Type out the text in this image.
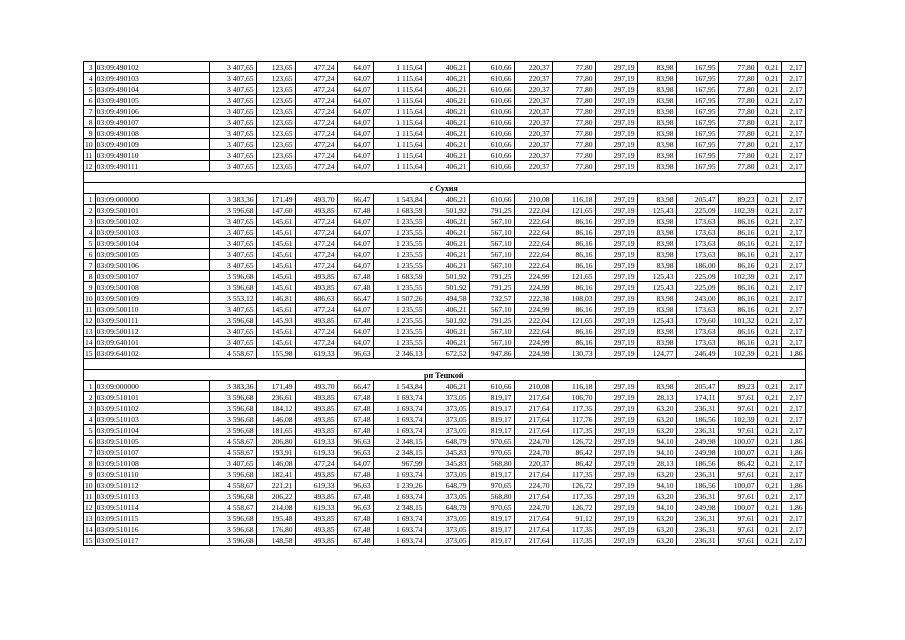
3	03:09:490102	3 407,65	123,65	477,24	64,07	1 115,64	406,21	610,66	220,37	77,80	297,19	83,98	167,95	77,80	0,21	2,17
4	03:09:490103	3 407,65	123,65	477,24	64,07	1 115,64	406,21	610,66	220,37	77,80	297,19	83,98	167,95	77,80	0,21	2,17
5	03:09:490104	3 407,65	123,65	477,24	64,07	1 115,64	406,21	610,66	220,37	77,80	297,19	83,98	167,95	77,80	0,21	2,17
6	03:09:490105	3 407,65	123,65	477,24	64,07	1 115,64	406,21	610,66	220,37	77,80	297,19	83,98	167,95	77,80	0,21	2,17
7	03:09:490106	3 407,65	123,65	477,24	64,07	1 115,64	406,21	610,66	220,37	77,80	297,19	83,98	167,95	77,80	0,21	2,17
8	03:09:490107	3 407,65	123,65	477,24	64,07	1 115,64	406,21	610,66	220,37	77,80	297,19	83,98	167,95	77,80	0,21	2,17
9	03:09:490108	3 407,65	123,65	477,24	64,07	1 115,64	406,21	610,66	220,37	77,80	297,19	83,98	167,95	77,80	0,21	2,17
10	03:09:490109	3 407,65	123,65	477,24	64,07	1 115,64	406,21	610,66	220,37	77,80	297,19	83,98	167,95	77,80	0,21	2,17
11	03:09:490110	3 407,65	123,65	477,24	64,07	1 115,64	406,21	610,66	220,37	77,80	297,19	83,98	167,95	77,80	0,21	2,17
12	03:09:490111	3 407,65	123,65	477,24	64,07	1 115,64	406,21	610,66	220,37	77,80	297,19	83,98	167,95	77,80	0,21	2,17

с Сухия																
1	03:09:000000	3 383,36	171,49	493,70	66,47	1 543,84	406,21	610,66	210,08	116,18	297,19	83,98	205,47	89,23	0,21	2,17
2	03:09:500101	3 596,68	147,60	493,85	67,48	1 683,59	501,92	791,25	222,04	121,65	297,19	125,43	225,09	102,39	0,21	2,17
3	03:09:500102	3 407,65	145,61	477,24	64,07	1 235,55	406,21	567,10	222,64	86,16	297,19	83,98	173,63	86,16	0,21	2,17
4	03:09:500103	3 407,65	145,61	477,24	64,07	1 235,55	406,21	567,10	222,64	86,16	297,19	83,98	173,63	86,16	0,21	2,17
5	03:09:500104	3 407,65	145,61	477,24	64,07	1 235,55	406,21	567,10	222,64	86,16	297,19	83,98	173,63	86,16	0,21	2,17
6	03:09:500105	3 407,65	145,61	477,24	64,07	1 235,55	406,21	567,10	222,64	86,16	297,19	83,98	173,63	86,16	0,21	2,17
7	03:09:500106	3 407,65	145,61	477,24	64,07	1 235,55	406,21	567,10	222,64	86,16	297,19	83,98	186,00	86,16	0,21	2,17
8	03:09:500107	3 596,68	145,61	493,85	67,48	1 683,59	501,92	791,25	224,99	121,65	297,19	125,43	225,09	102,39	0,21	2,17
9	03:09:500108	3 596,68	145,61	493,85	67,48	1 235,55	501,92	791,25	224,99	86,16	297,19	125,43	225,09	86,16	0,21	2,17
10	03:09:500109	3 553,12	146,81	486,63	66,47	1 507,26	494,58	732,57	222,38	108,03	297,19	83,98	243,00	86,16	0,21	2,17
11	03:09:500110	3 407,65	145,61	477,24	64,07	1 235,55	406,21	567,10	224,99	86,16	297,19	83,98	173,63	86,16	0,21	2,17
12	03:09:500111	3 596,68	145,93	493,85	67,48	1 235,55	501,92	791,25	222,04	121,65	297,19	125,43	179,60	101,32	0,21	2,17
13	03:09:500112	3 407,65	145,61	477,24	64,07	1 235,55	406,21	567,10	222,64	86,16	297,19	83,98	173,63	86,16	0,21	2,17
14	03:09:640101	3 407,65	145,61	477,24	64,07	1 235,55	406,21	567,10	224,99	86,16	297,19	83,98	173,63	86,16	0,21	2,17
15	03:09:640102	4 558,67	155,98	619,33	96,63	2 346,13	672,52	947,86	224,99	130,73	297,19	124,77	246,49	102,39	0,21	1,86

рп Тешкой																
1	03:09:000000	3 383,36	171,49	493,70	66,47	1 543,84	406,21	610,66	210,08	116,18	297,19	83,98	205,47	89,23	0,21	2,17
2	03:09:510101	3 596,68	236,61	493,85	67,48	1 693,74	373,05	819,17	217,64	106,70	297,19	28,13	174,11	97,61	0,21	2,17
3	03:09:510102	3 596,68	184,12	493,85	67,48	1 693,74	373,05	819,17	217,64	117,35	297,19	63,20	236,31	97,61	0,21	2,17
4	03:09:510103	3 596,68	146,08	493,85	67,48	1 693,74	373,05	819,17	217,64	117,76	297,19	63,20	186,56	102,39	0,21	2,17
5	03:09:510104	3 596,68	181,65	493,85	67,48	1 693,74	373,05	819,17	217,64	117,35	297,19	63,20	236,31	97,61	0,21	2,17
6	03:09:510105	4 558,67	206,80	619,33	96,63	2 348,15	648,79	970,65	224,70	126,72	297,19	94,10	249,98	100,07	0,21	1,86
7	03:09:510107	4 558,67	193,91	619,33	96,63	2 348,15	345,83	970,65	224,70	86,42	297,19	94,10	249,98	100,07	0,21	1,86
8	03:09:510108	3 407,65	146,08	477,24	64,07	967,99	345,83	568,80	220,37	86,42	297,19	28,13	186,56	86,42	0,21	2,17
9	03:09:510110	3 596,68	182,41	493,85	67,48	1 693,74	373,05	819,17	217,64	117,35	297,19	63,20	236,31	97,61	0,21	2,17
10	03:09:510112	4 558,67	221,21	619,33	96,63	1 239,26	648,79	970,65	224,70	126,72	297,19	94,10	186,56	100,07	0,21	1,86
11	03:09:510113	3 596,68	206,22	493,85	67,48	1 693,74	373,05	568,80	217,64	117,35	297,19	63,20	236,31	97,61	0,21	2,17
12	03:09:510114	4 558,67	214,08	619,33	96,63	2 348,15	648,79	970,65	224,70	126,72	297,19	94,10	249,98	100,07	0,21	1,86
13	03:09:510115	3 596,68	195,48	493,85	67,48	1 693,74	373,05	819,17	217,64	91,12	297,19	63,20	236,31	97,61	0,21	2,17
14	03:09:510116	3 596,68	176,80	493,85	67,48	1 693,74	373,05	819,17	217,64	117,35	297,19	63,20	236,31	97,61	0,21	2,17
15	03:09:510117	3 596,68	148,58	493,85	67,48	1 693,74	373,05	819,17	217,64	117,35	297,19	63,20	236,31	97,61	0,21	2,17
